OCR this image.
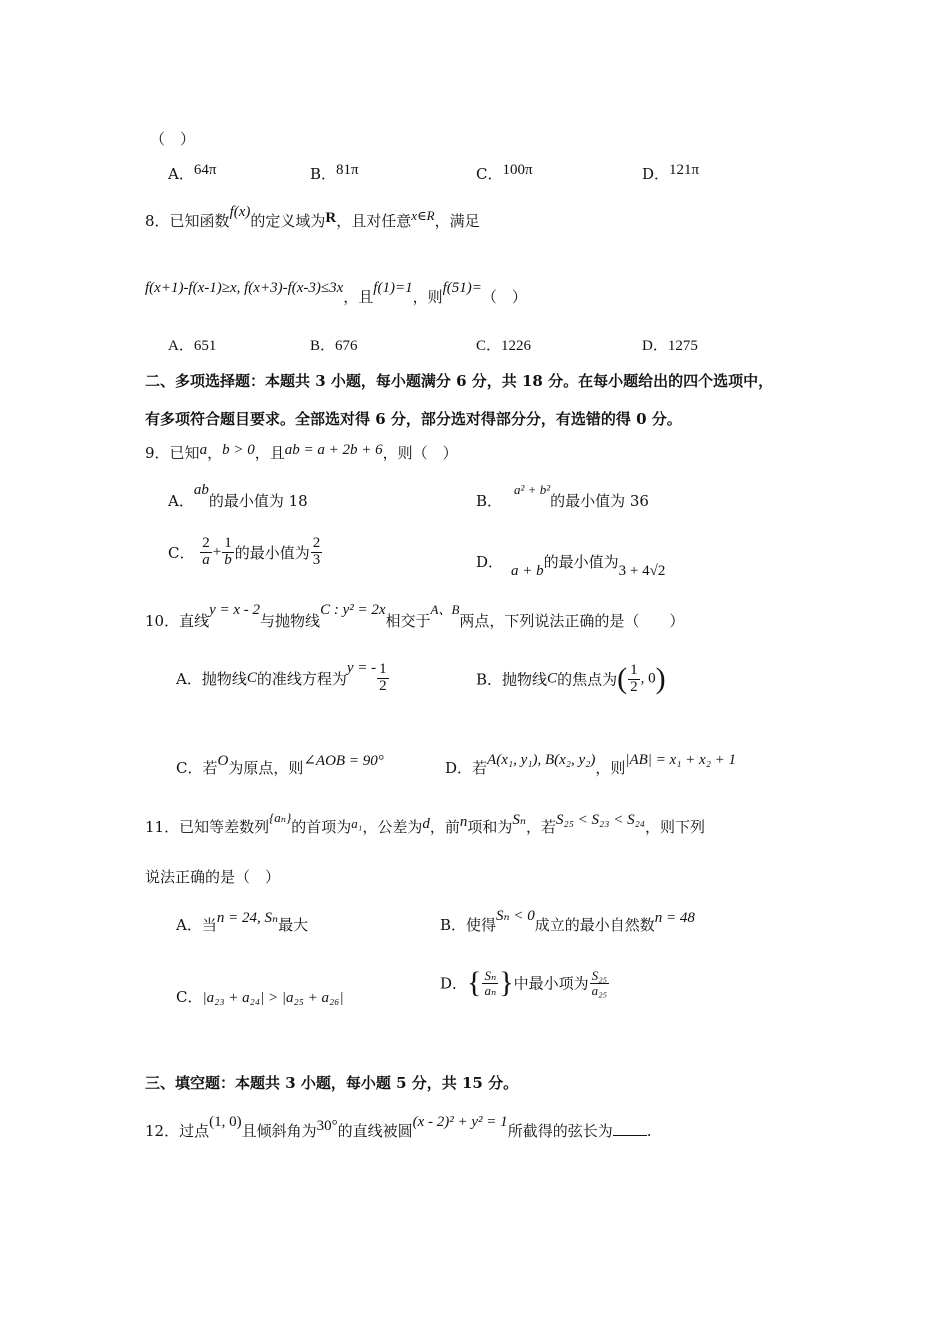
（　）
A．64π	B．81π	C．100π	D．121π
8．已知函数f(x)的定义域为R，且对任意x∈R，满足
f(x+1)-f(x-1)≥x, f(x+3)-f(x-3)≤3x，且f(1)=1，则f(51)=（　）
A．651	B．676	C．1226	D．1275
二、多项选择题：本题共 3 小题，每小题满分 6 分，共 18 分。在每小题给出的四个选项中，
有多项符合题目要求。全部选对得 6 分，部分选对得部分分，有选错的得 0 分。
9．已知a，b > 0，且ab = a + 2b + 6，则（　）
A．ab的最小值为 18	B．a² + b²的最小值为 36
C． $\frac{2}{a} + \frac{1}{b}$ 的最小值为 $\frac{2}{3}$	D． a + b的最小值为3 + 4√2
10．直线y = x - 2与抛物线C : y² = 2x相交于A、B两点，下列说法正确的是（　　）
A．抛物线C的准线方程为y = - $\frac{1}{2}$	B．抛物线C的焦点为( $\frac{1}{2}$ , 0)
C．若O为原点，则∠AOB = 90°	D．若A(x₁, y₁), B(x₂, y₂)，则|AB| = x₁ + x₂ + 1
11．已知等差数列{aₙ}的首项为a₁，公差为d，前n项和为Sₙ，若S₂₅ < S₂₃ < S₂₄，则下列
说法正确的是（　）
A．当n = 24, Sₙ最大	B．使得Sₙ < 0成立的最小自然数n = 48
C．|a₂₃ + a₂₄| > |a₂₅ + a₂₆|
D．{ $\frac{\text{Sₙ}}{\text{aₙ}}$ }中最小项为 $\frac{\text{S₂₅}}{\text{a₂₅}}$
三、填空题：本题共 3 小题，每小题 5 分，共 15 分。
12．过点(1, 0)且倾斜角为30°的直线被圆(x - 2)² + y² = 1所截得的弦长为 .
